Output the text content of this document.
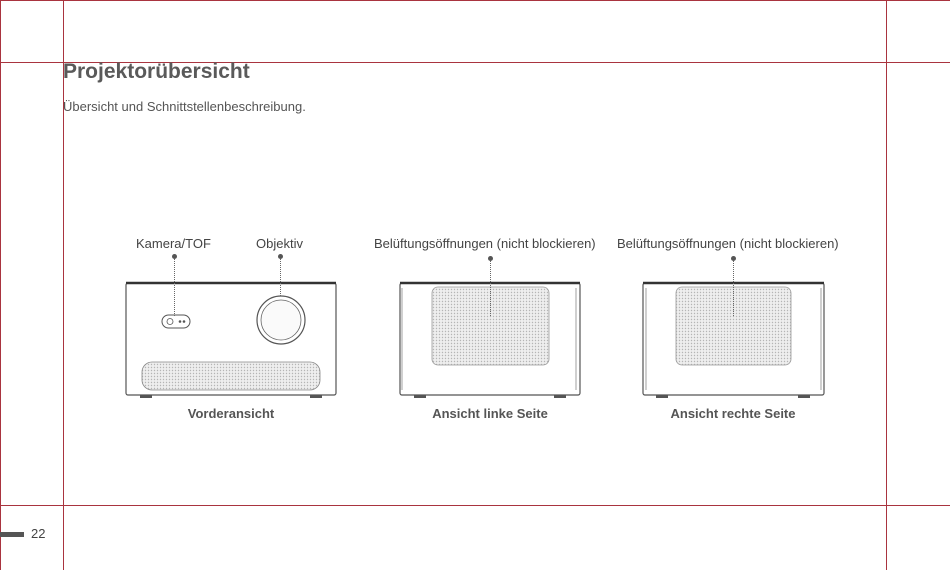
Projektorübersicht
Übersicht und Schnittstellenbeschreibung.
Kamera/TOF	Objektiv	Belüftungsöffnungen (nicht blockieren) Belüftungsöffnungen (nicht blockieren)
Vorderansicht	Ansicht linke Seite	Ansicht rechte Seite
22
